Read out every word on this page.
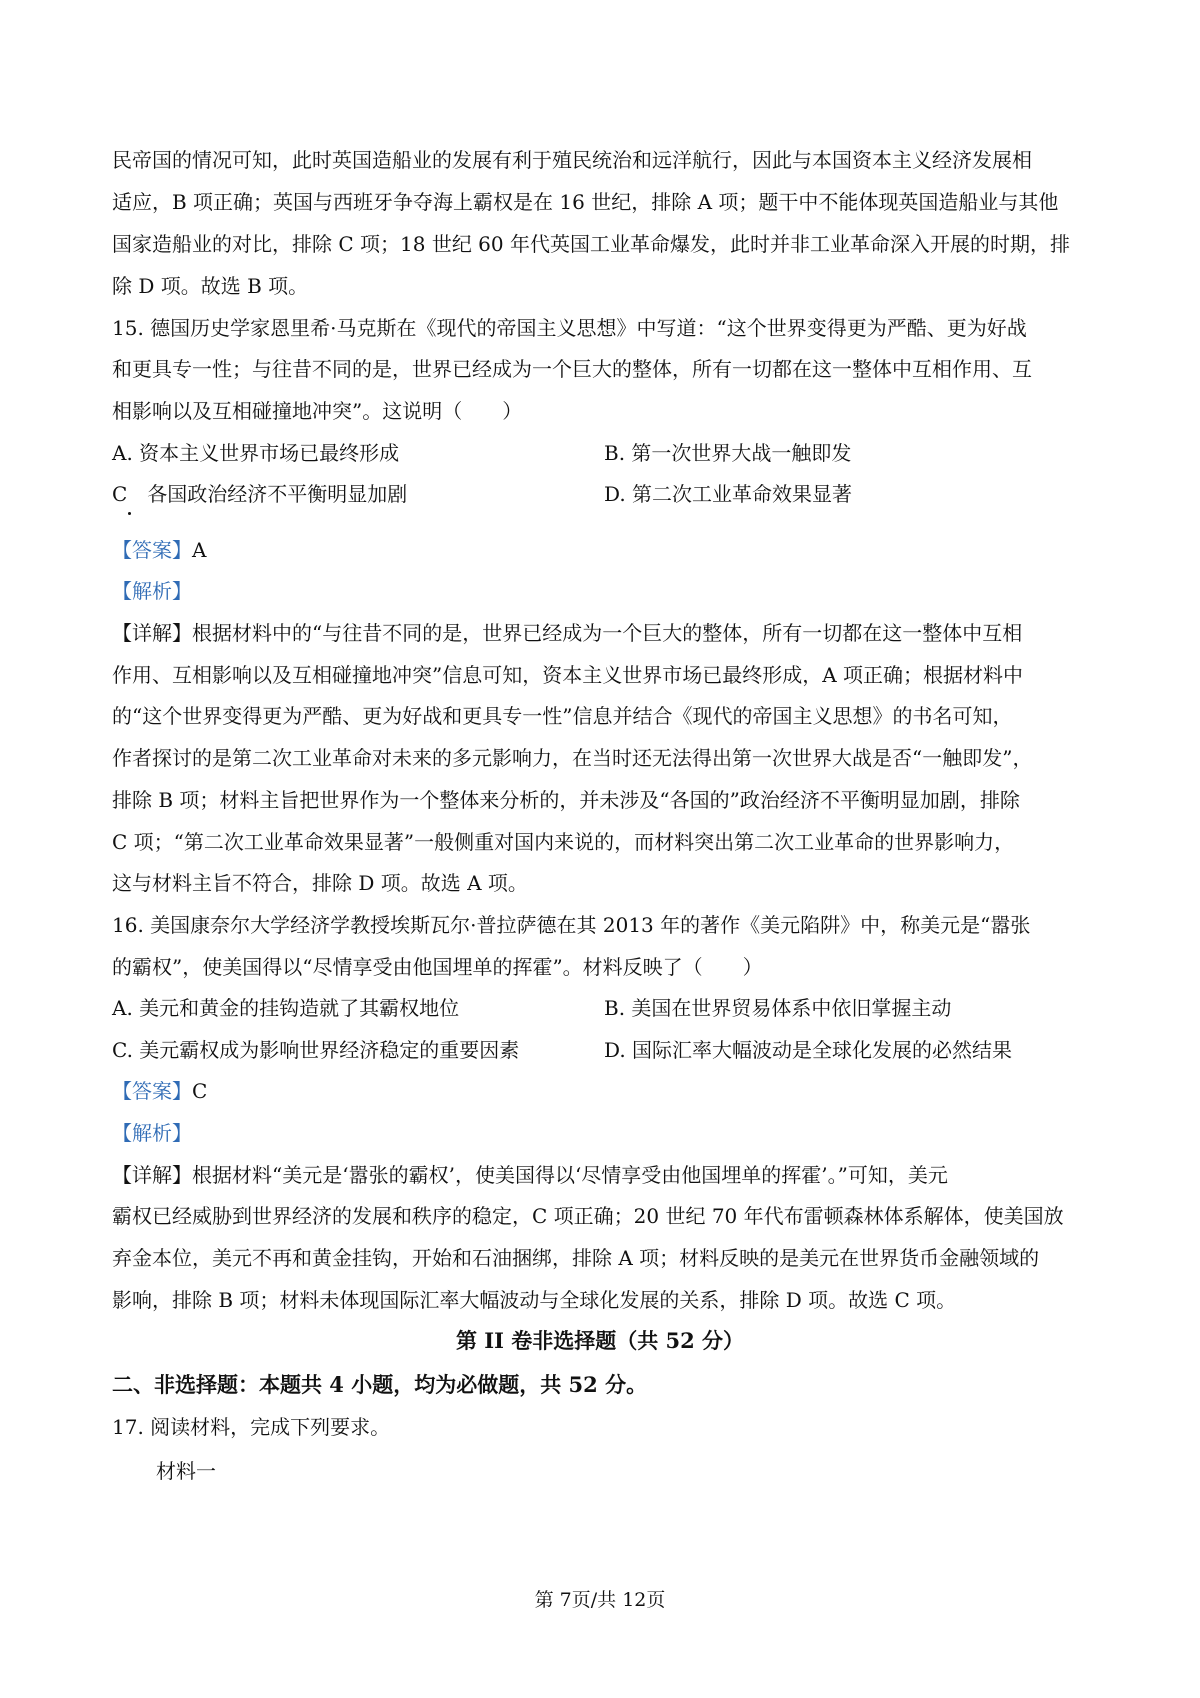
民帝国的情况可知，此时英国造船业的发展有利于殖民统治和远洋航行，因此与本国资本主义经济发展相
适应，B 项正确；英国与西班牙争夺海上霸权是在 16 世纪，排除 A 项；题干中不能体现英国造船业与其他
国家造船业的对比，排除 C 项；18 世纪 60 年代英国工业革命爆发，此时并非工业革命深入开展的时期，排
除 D 项。故选 B 项。
15. 德国历史学家恩里希·马克斯在《现代的帝国主义思想》中写道：“这个世界变得更为严酷、更为好战
和更具专一性；与往昔不同的是，世界已经成为一个巨大的整体，所有一切都在这一整体中互相作用、互
相影响以及互相碰撞地冲突”。这说明（　　）
A. 资本主义世界市场已最终形成	B. 第一次世界大战一触即发
C　各国政治经济不平衡明显加剧	D. 第二次工业革命效果显著
【答案】A
【解析】
【详解】根据材料中的“与往昔不同的是，世界已经成为一个巨大的整体，所有一切都在这一整体中互相
作用、互相影响以及互相碰撞地冲突”信息可知，资本主义世界市场已最终形成，A 项正确；根据材料中
的“这个世界变得更为严酷、更为好战和更具专一性”信息并结合《现代的帝国主义思想》的书名可知，
作者探讨的是第二次工业革命对未来的多元影响力，在当时还无法得出第一次世界大战是否“一触即发”，
排除 B 项；材料主旨把世界作为一个整体来分析的，并未涉及“各国的”政治经济不平衡明显加剧，排除
C 项；“第二次工业革命效果显著”一般侧重对国内来说的，而材料突出第二次工业革命的世界影响力，
这与材料主旨不符合，排除 D 项。故选 A 项。
16. 美国康奈尔大学经济学教授埃斯瓦尔·普拉萨德在其 2013 年的著作《美元陷阱》中，称美元是“嚣张
的霸权”，使美国得以“尽情享受由他国埋单的挥霍”。材料反映了（　　）
A. 美元和黄金的挂钩造就了其霸权地位	B. 美国在世界贸易体系中依旧掌握主动
C. 美元霸权成为影响世界经济稳定的重要因素	D. 国际汇率大幅波动是全球化发展的必然结果
【答案】C
【解析】
【详解】根据材料“美元是‘嚣张的霸权’，使美国得以‘尽情享受由他国埋单的挥霍’。”可知，美元
霸权已经威胁到世界经济的发展和秩序的稳定，C 项正确；20 世纪 70 年代布雷顿森林体系解体，使美国放
弃金本位，美元不再和黄金挂钩，开始和石油捆绑，排除 A 项；材料反映的是美元在世界货币金融领域的
影响，排除 B 项；材料未体现国际汇率大幅波动与全球化发展的关系，排除 D 项。故选 C 项。
第 II 卷非选择题（共 52 分）
二、非选择题：本题共 4 小题，均为必做题，共 52 分。
17. 阅读材料，完成下列要求。
材料一
第 7页/共 12页
